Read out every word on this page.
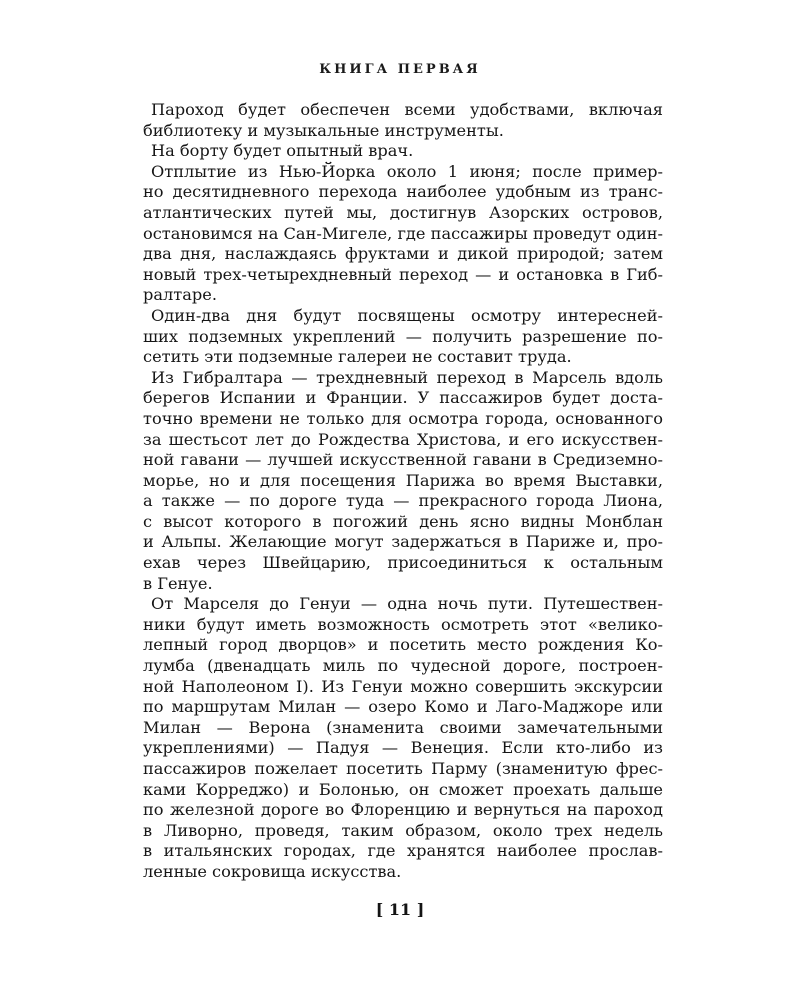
КНИГА ПЕРВАЯ
Пароход будет обеспечен всеми удобствами, включая
библиотеку и музыкальные инструменты.
На борту будет опытный врач.
Отплытие из Нью-Йорка около 1 июня; после пример-
но десятидневного перехода наиболее удобным из транс-
атлантических путей мы, достигнув Азорских островов,
остановимся на Сан-Мигеле, где пассажиры проведут один-
два дня, наслаждаясь фруктами и дикой природой; затем
новый трех-четырехдневный переход — и остановка в Гиб-
ралтаре.
Один-два дня будут посвящены осмотру интересней-
ших подземных укреплений — получить разрешение по-
сетить эти подземные галереи не составит труда.
Из Гибралтара — трехдневный переход в Марсель вдоль
берегов Испании и Франции. У пассажиров будет доста-
точно времени не только для осмотра города, основанного
за шестьсот лет до Рождества Христова, и его искусствен-
ной гавани — лучшей искусственной гавани в Средиземно-
морье, но и для посещения Парижа во время Выставки,
а также — по дороге туда — прекрасного города Лиона,
с высот которого в погожий день ясно видны Монблан
и Альпы. Желающие могут задержаться в Париже и, про-
ехав через Швейцарию, присоединиться к остальным
в Генуе.
От Марселя до Генуи — одна ночь пути. Путешествен-
ники будут иметь возможность осмотреть этот «велико-
лепный город дворцов» и посетить место рождения Ко-
лумба (двенадцать миль по чудесной дороге, построен-
ной Наполеоном I). Из Генуи можно совершить экскурсии
по маршрутам Милан — озеро Комо и Лаго-Маджоре или
Милан — Верона (знаменита своими замечательными
укреплениями) — Падуя — Венеция. Если кто-либо из
пассажиров пожелает посетить Парму (знаменитую фрес-
ками Корреджо) и Болонью, он сможет проехать дальше
по железной дороге во Флоренцию и вернуться на пароход
в Ливорно, проведя, таким образом, около трех недель
в итальянских городах, где хранятся наиболее прослав-
ленные сокровища искусства.
[ 11 ]
